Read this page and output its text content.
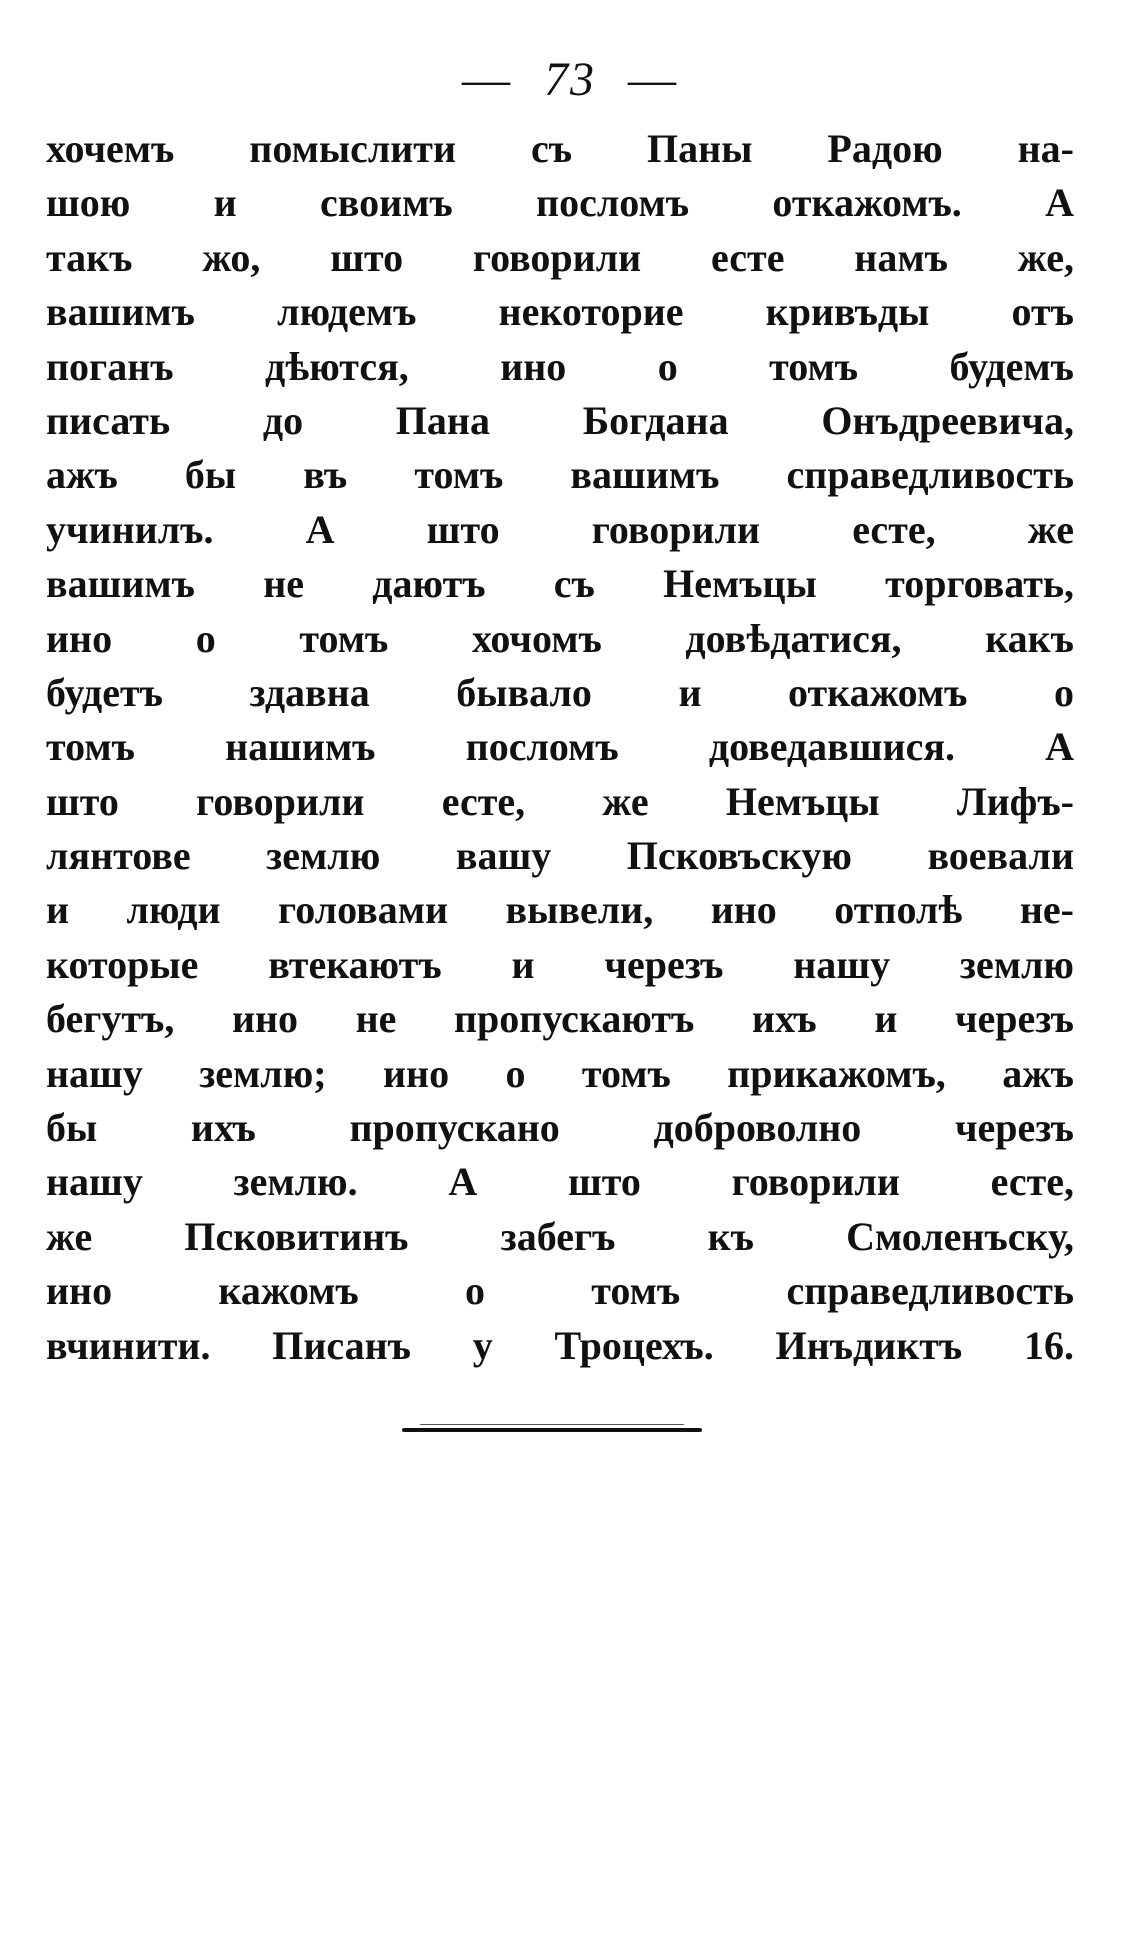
— 73 —
хочемъ помыслити съ Паны Радою на-
шою и своимъ посломъ откажомъ. А
такъ жо, што говорили есте намъ же,
вашимъ людемъ некоторие кривъды отъ
поганъ дѣются, ино о томъ будемъ
писать до Пана Богдана Онъдреевича,
ажъ бы въ томъ вашимъ справедливость
учинилъ. А што говорили есте, же
вашимъ не даютъ съ Немъцы торговать,
ино о томъ хочомъ довѣдатися, какъ
будетъ здавна бывало и откажомъ о
томъ нашимъ посломъ доведавшися. А
што говорили есте, же Немъцы Лифъ-
лянтове землю вашу Псковъскую воевали
и люди головами вывели, ино отполѣ не-
которые втекаютъ и черезъ нашу землю
бегутъ, ино не пропускаютъ ихъ и черезъ
нашу землю; ино о томъ прикажомъ, ажъ
бы ихъ пропускано доброволно черезъ
нашу землю. А што говорили есте,
же Псковитинъ забегъ къ Смоленъску,
ино кажомъ о томъ справедливость
вчинити. Писанъ у Троцехъ. Инъдиктъ 16.
